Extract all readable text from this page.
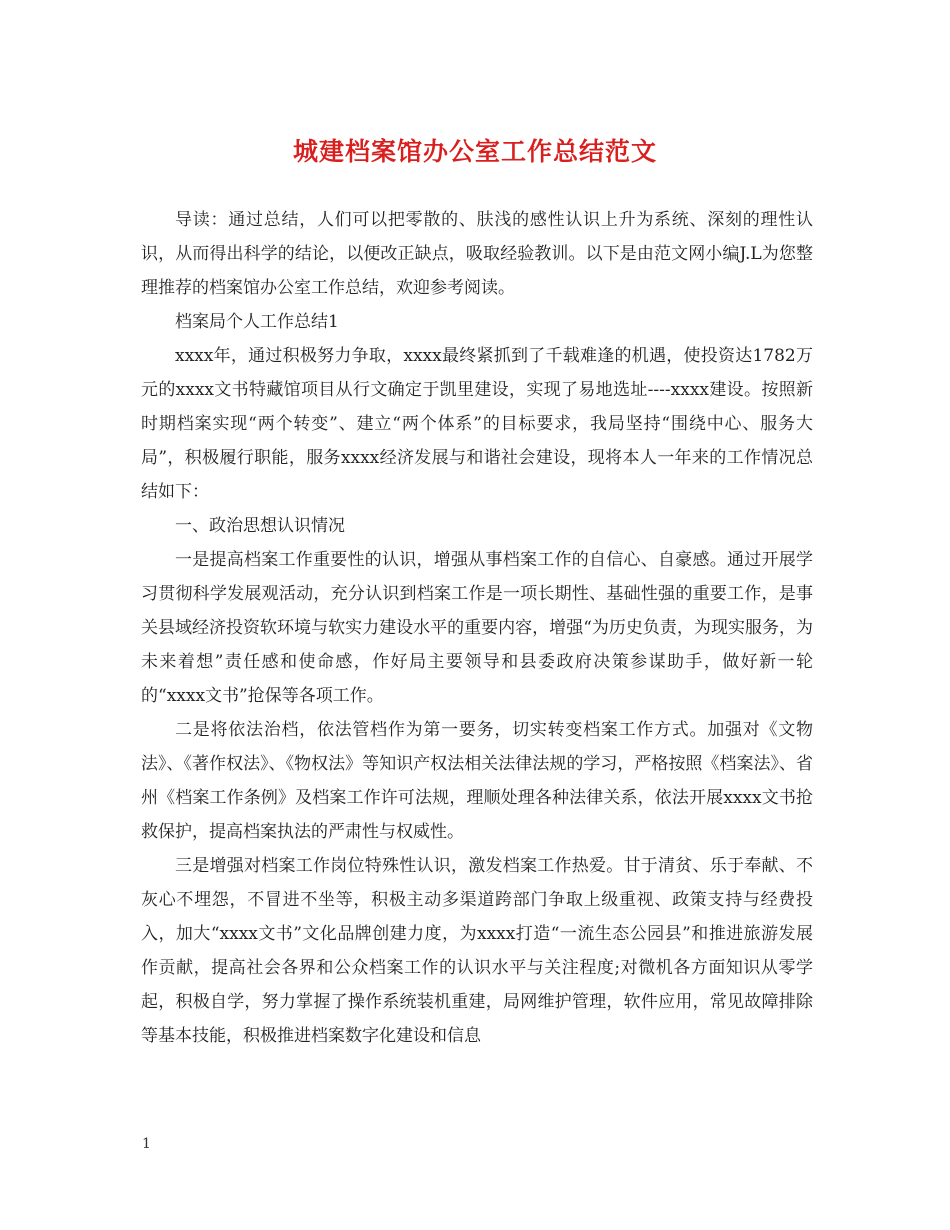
城建档案馆办公室工作总结范文

导读：通过总结，人们可以把零散的、肤浅的感性认识上升为系统、深刻的理性认识，从而得出科学的结论，以便改正缺点，吸取经验教训。以下是由范文网小编J.L为您整理推荐的档案馆办公室工作总结，欢迎参考阅读。

档案局个人工作总结1

xxxx年，通过积极努力争取，xxxx最终紧抓到了千载难逢的机遇，使投资达1782万元的xxxx文书特藏馆项目从行文确定于凯里建设，实现了易地选址----xxxx建设。按照新时期档案实现“两个转变”、建立“两个体系”的目标要求，我局坚持“围绕中心、服务大局”，积极履行职能，服务xxxx经济发展与和谐社会建设，现将本人一年来的工作情况总结如下：

一、政治思想认识情况

一是提高档案工作重要性的认识，增强从事档案工作的自信心、自豪感。通过开展学习贯彻科学发展观活动，充分认识到档案工作是一项长期性、基础性强的重要工作，是事关县域经济投资软环境与软实力建设水平的重要内容，增强“为历史负责，为现实服务，为未来着想”责任感和使命感，作好局主要领导和县委政府决策参谋助手，做好新一轮的“xxxx文书”抢保等各项工作。

二是将依法治档，依法管档作为第一要务，切实转变档案工作方式。加强对《文物法》、《著作权法》、《物权法》等知识产权法相关法律法规的学习，严格按照《档案法》、省州《档案工作条例》及档案工作许可法规，理顺处理各种法律关系，依法开展xxxx文书抢救保护，提高档案执法的严肃性与权威性。

三是增强对档案工作岗位特殊性认识，激发档案工作热爱。甘于清贫、乐于奉献、不灰心不埋怨，不冒进不坐等，积极主动多渠道跨部门争取上级重视、政策支持与经费投入，加大“xxxx文书”文化品牌创建力度，为xxxx打造“一流生态公园县”和推进旅游发展作贡献，提高社会各界和公众档案工作的认识水平与关注程度;对微机各方面知识从零学起，积极自学，努力掌握了操作系统装机重建，局网维护管理，软件应用，常见故障排除等基本技能，积极推进档案数字化建设和信息

1
